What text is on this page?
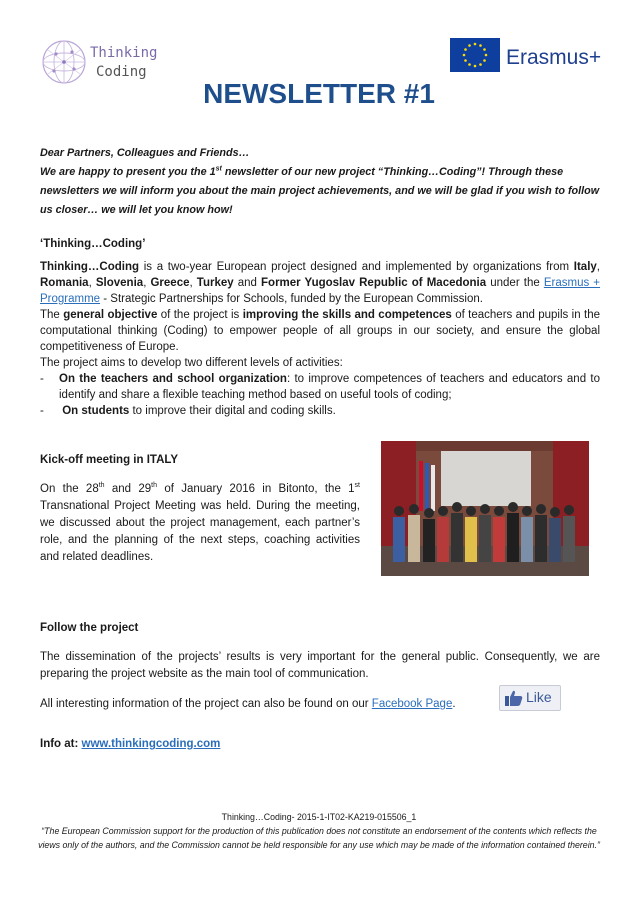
Thinking
Coding
Erasmus+
NEWSLETTER #1

Dear Partners, Colleagues and Friends…

We are happy to present you the 1st newsletter of our new project “Thinking…Coding”! Through these newsletters we will inform you about the main project achievements, and we will be glad if you wish to follow us closer… we will let you know how!

‘Thinking…Coding’

Thinking…Coding is a two-year European project designed and implemented by organizations from Italy, Romania, Slovenia, Greece, Turkey and Former Yugoslav Republic of Macedonia under the Erasmus + Programme - Strategic Partnerships for Schools, funded by the European Commission.

The general objective of the project is improving the skills and competences of teachers and pupils in the computational thinking (Coding) to empower people of all groups in our society, and ensure the global competitiveness of Europe.

The project aims to develop two different levels of activities:

-	On the teachers and school organization: to improve competences of teachers and educators and to identify and share a flexible teaching method based on useful tools of coding;
-	On students to improve their digital and coding skills.

Kick-off meeting in ITALY

On the 28th and 29th of January 2016 in Bitonto, the 1st Transnational Project Meeting was held. During the meeting, we discussed about the project management, each partner’s role, and the planning of the next steps, coaching activities and related deadlines.

Follow the project

The dissemination of the projects’ results is very important for the general public. Consequently, we are preparing the project website as the main tool of communication.

All interesting information of the project can also be found on our Facebook Page.	Like
Info at: www.thinkingcoding.com

Thinking…Coding- 2015-1-IT02-KA219-015506_1

“The European Commission support for the production of this publication does not constitute an endorsement of the contents which reflects the views only of the authors, and the Commission cannot be held responsible for any use which may be made of the information contained therein.”
